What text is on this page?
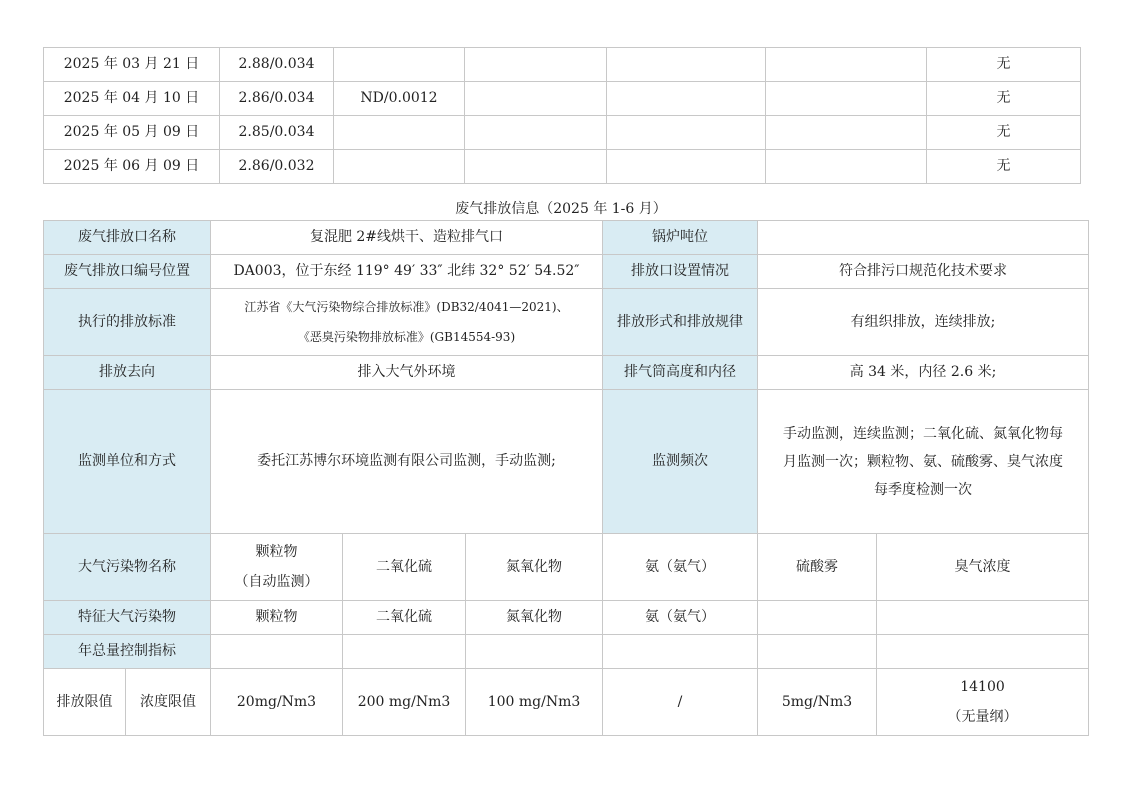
2025 年 03 月 21 日	2.88/0.034					无
2025 年 04 月 10 日	2.86/0.034	ND/0.0012				无
2025 年 05 月 09 日	2.85/0.034					无
2025 年 06 月 09 日	2.86/0.032					无
废气排放信息（2025 年 1-6 月）
废气排放口名称		复混肥 2#线烘干、造粒排气口			锅炉吨位		
废气排放口编号位置		DA003，位于东经 119° 49′ 33″ 北纬 32° 52′ 54.52″			排放口设置情况	符合排污口规范化技术要求	
执行的排放标准		江苏省《大气污染物综合排放标准》(DB32/4041—2021)、
《恶臭污染物排放标准》(GB14554-93)			排放形式和排放规律	有组织排放，连续排放;	
排放去向		排入大气外环境			排气筒高度和内径	高 34 米，内径 2.6 米;	
监测单位和方式		委托江苏博尔环境监测有限公司监测，手动监测;			监测频次	手动监测，连续监测；二氧化硫、氮氧化物每
月监测一次；颗粒物、氨、硫酸雾、臭气浓度
每季度检测一次	

大气污染物名称		颗粒物
（自动监测）	二氧化硫	氮氧化物	氨（氨气）	硫酸雾	臭气浓度

特征大气污染物		颗粒物	二氧化硫	氮氧化物	氨（氨气）		
年总量控制指标							
排放限值	浓度限值	20mg/Nm3	200 mg/Nm3	100 mg/Nm3	/	5mg/Nm3	14100
（无量纲）
